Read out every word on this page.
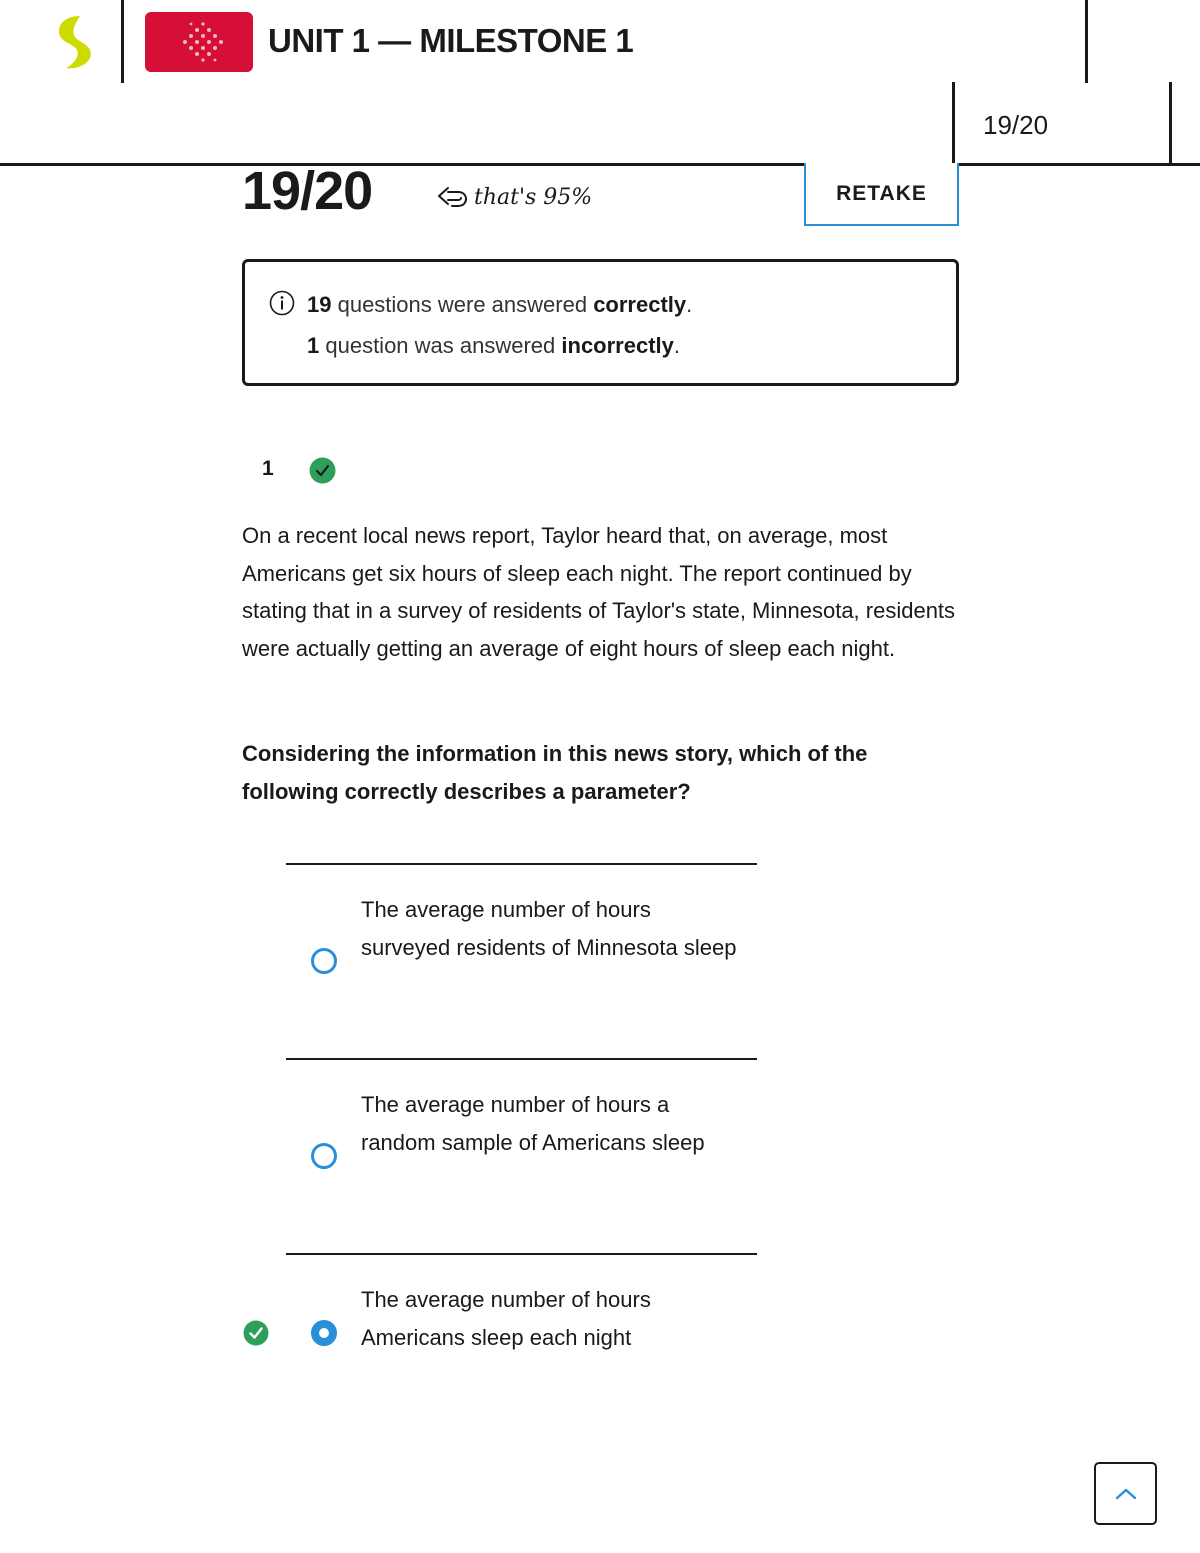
UNIT 1 — MILESTONE 1
19/20
19/20	that's 95%	RETAKE
19 questions were answered correctly.
1 question was answered incorrectly.
1
On a recent local news report, Taylor heard that, on average, most Americans get six hours of sleep each night. The report continued by stating that in a survey of residents of Taylor's state, Minnesota, residents were actually getting an average of eight hours of sleep each night.
Considering the information in this news story, which of the following correctly describes a parameter?
The average number of hours surveyed residents of Minnesota sleep
The average number of hours a random sample of Americans sleep
The average number of hours Americans sleep each night
